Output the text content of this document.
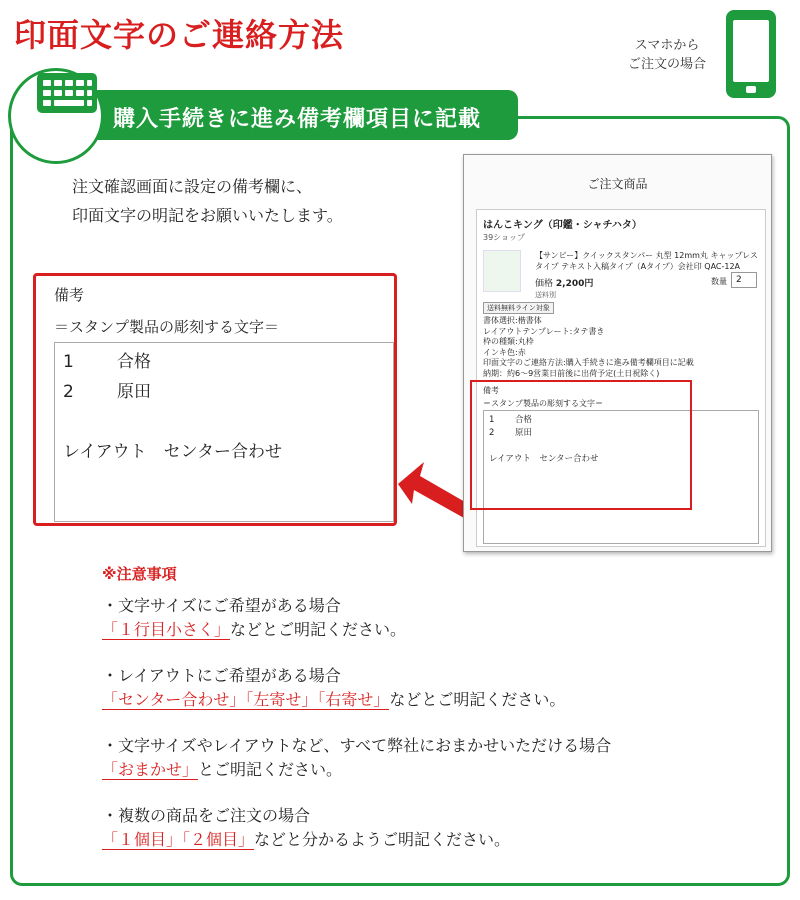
印面文字のご連絡方法	スマホから
ご注文の場合
購入手続きに進み備考欄項目に記載
注文確認画面に設定の備考欄に、
印面文字の明記をお願いいたします。
備考
＝スタンプ製品の彫刻する文字＝
1	合格
2	原田
レイアウト　センター合わせ
ご注文商品
はんこキング（印鑑・シャチハタ）
39ショップ
【サンビー】クイックスタンパー 丸型 12mm丸 キャップレスタイプ テキスト入稿タイプ（Aタイプ）会社印 QAC-12A
価格 2,200円
送料別
数量	2
送料無料ライン対象
書体選択:楷書体
レイアウトテンプレート:タテ書き
枠の種類:丸枠
インキ色:赤
印面文字のご連絡方法:購入手続きに進み備考欄項目に記載
納期：約6〜9営業日前後に出荷予定(土日祝除く)
備考
＝スタンプ製品の彫刻する文字＝
1 合格
2 原田
レイアウト　センター合わせ
※注意事項
・文字サイズにご希望がある場合
「１行目小さく」などとご明記ください。
・レイアウトにご希望がある場合
「センター合わせ」「左寄せ」「右寄せ」などとご明記ください。
・文字サイズやレイアウトなど、すべて弊社におまかせいただける場合
「おまかせ」とご明記ください。
・複数の商品をご注文の場合
「１個目」「２個目」などと分かるようご明記ください。
